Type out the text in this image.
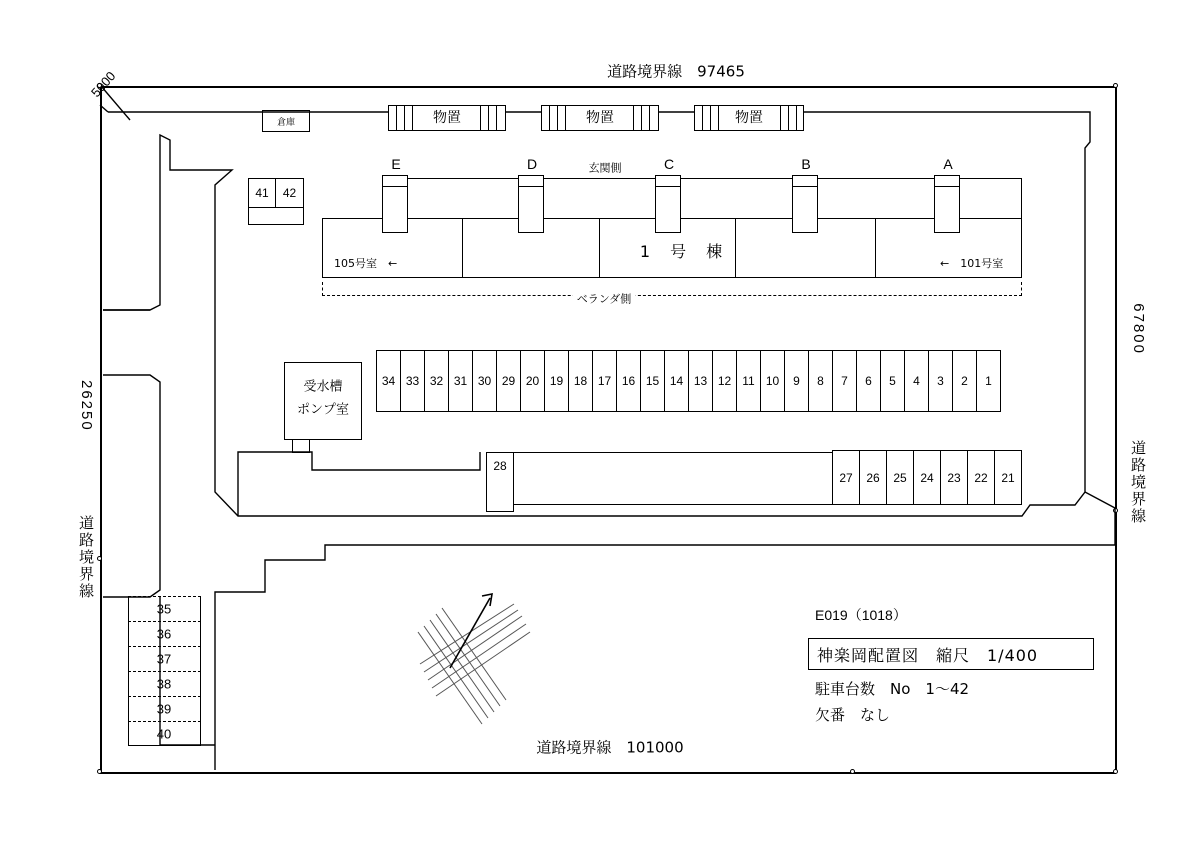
道路境界線　97465
道路境界線　101000
道路境界線
26250
5000
道路境界線
67800
倉庫	物置	物置	物置
41	42
E	D	C	B	A
玄関側
1　号　棟
105号室　←	←　101号室
ベランダ側
受水槽
ポンプ室
34 33 32 31 30 29 20 19 18 17 16 15 14 13 12 11 10	9	8	7	6	5	4	3	2	1
27	26	25	24	23	22	21
28
35
36
37
38
39
40
E019（1018）
神楽岡配置図　縮尺　1/400
駐車台数　No　1～42
欠番　なし
